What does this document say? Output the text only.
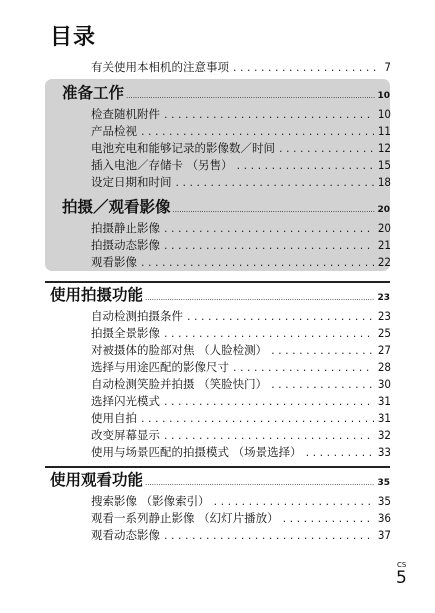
目录
有关使用本相机的注意事项 . . .	7
准备工作 .....	10
检查随机附件 . . .	10
产品检视 . . .	11
电池充电和能够记录的影像数／时间 . . .	12
插入电池／存储卡 （另售） . . .	15
设定日期和时间 . . .	18
拍摄／观看影像 .....	20
拍摄静止影像 . . .	20
拍摄动态影像 . . .	21
观看影像 . . .	22
使用拍摄功能 .....	23
自动检测拍摄条件 . . .	23
拍摄全景影像 . . .	25
对被摄体的脸部对焦 （人脸检测） . . .	27
选择与用途匹配的影像尺寸 . . .	28
自动检测笑脸并拍摄 （笑脸快门） . . .	30
选择闪光模式 . . .	31
使用自拍 . . .	31
改变屏幕显示 . . .	32
使用与场景匹配的拍摄模式 （场景选择） . . .	33
使用观看功能 .....	35
搜索影像 （影像索引） . . .	35
观看一系列静止影像 （幻灯片播放） . . .	36
观看动态影像 . . .	37
CS
5
